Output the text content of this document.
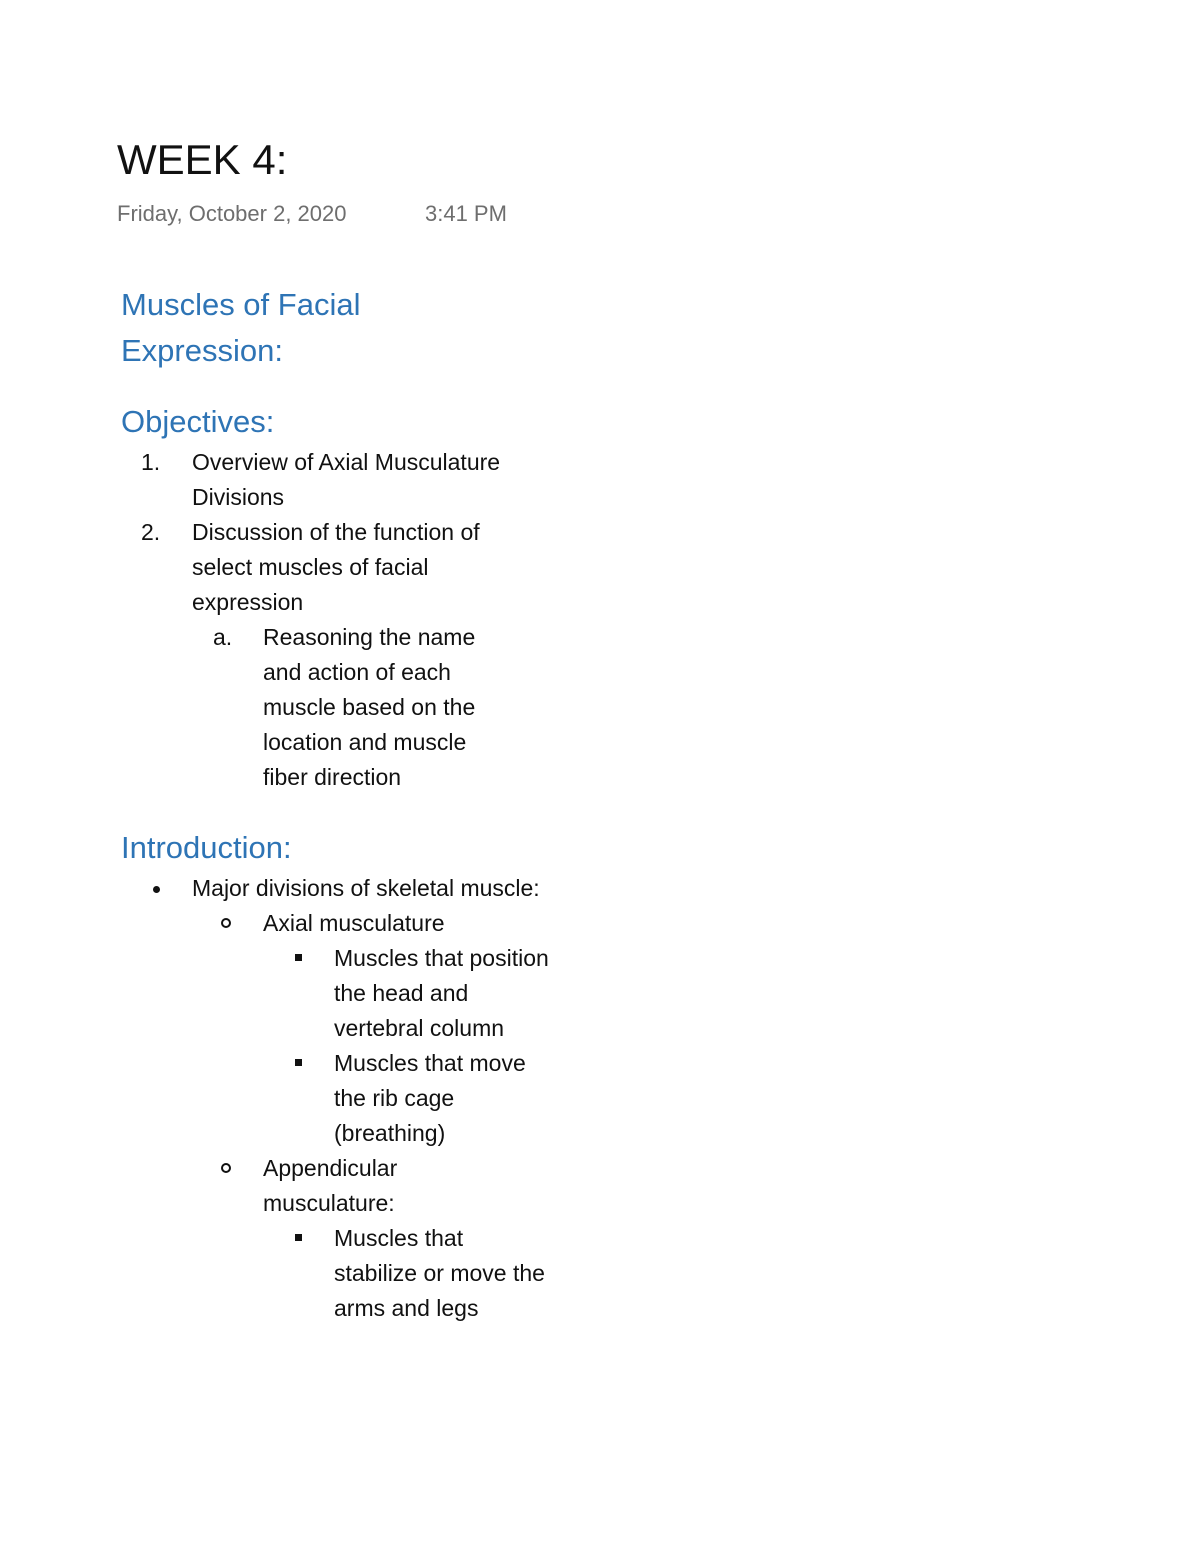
WEEK 4:
Friday, October 2, 2020	3:41 PM
Muscles of Facial Expression:
Objectives:
1. Overview of Axial Musculature Divisions
2. Discussion of the function of select muscles of facial expression
a. Reasoning the name and action of each muscle based on the location and muscle fiber direction
Introduction:
Major divisions of skeletal muscle:
Axial musculature
Muscles that position the head and vertebral column
Muscles that move the rib cage (breathing)
Appendicular musculature:
Muscles that stabilize or move the arms and legs
